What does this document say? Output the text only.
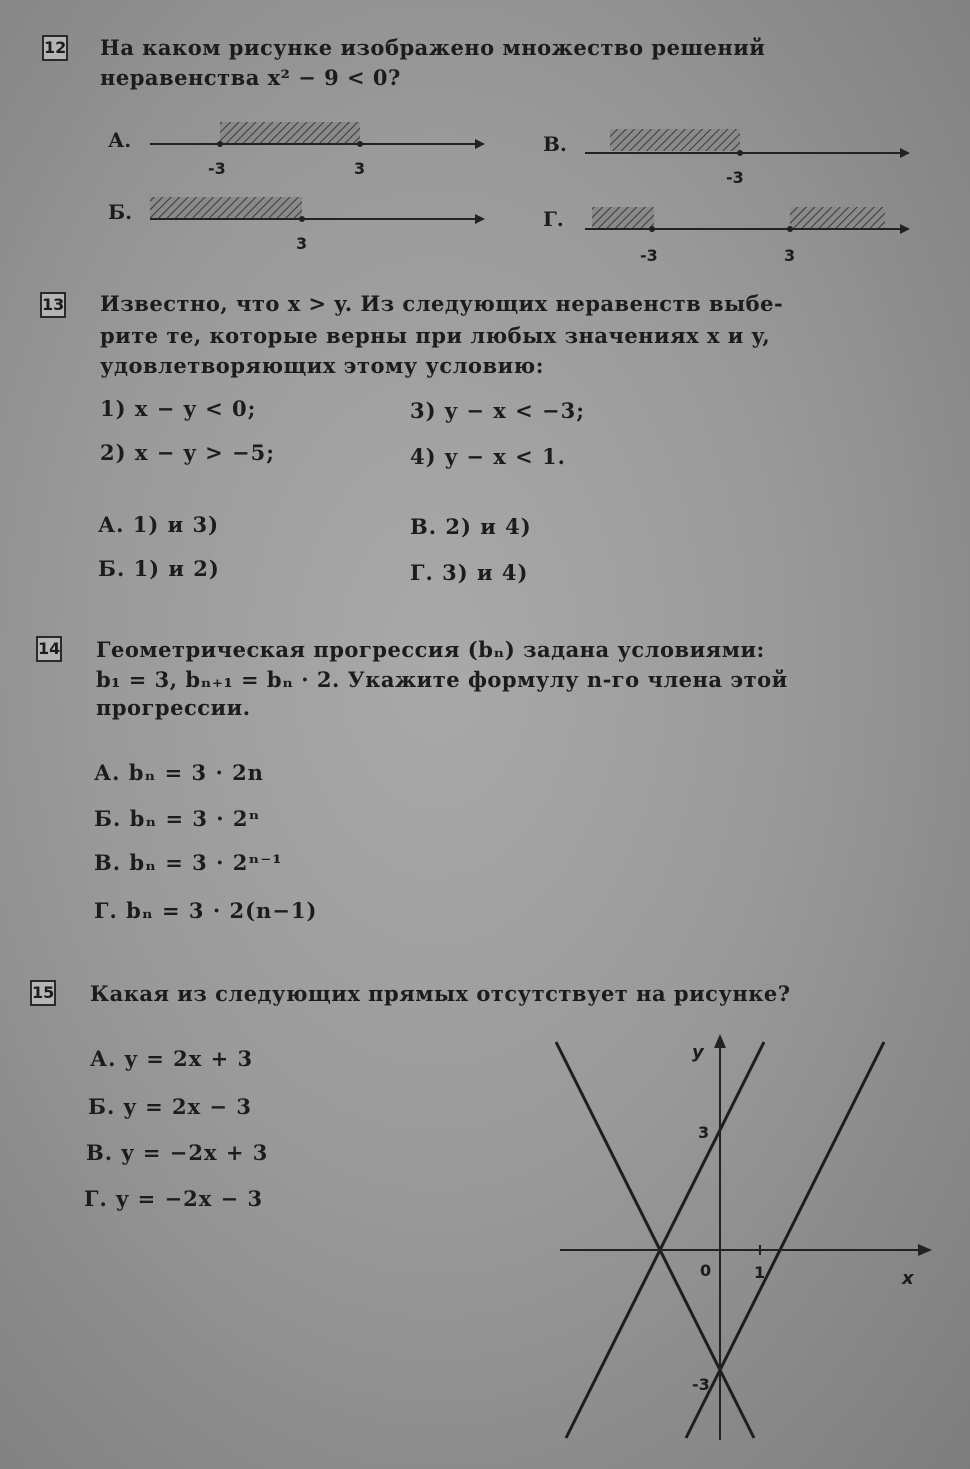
12 На каком рисунке изображено множество решений
неравенства x² − 9 < 0?
А.
-3	3
В.
-3
Б.
3
Г.
-3	3
13 Известно, что x > y. Из следующих неравенств выбе-
рите те, которые верны при любых значениях x и y,
удовлетворяющих этому условию:
1) x − y < 0;	3) y − x < −3;
2) x − y > −5;	4) y − x < 1.
А. 1) и 3)	В. 2) и 4)
Б. 1) и 2)	Г. 3) и 4)
14 Геометрическая прогрессия (bₙ) задана условиями:
b₁ = 3, bₙ₊₁ = bₙ · 2. Укажите формулу n-го члена этой
прогрессии.
А. bₙ = 3 · 2n
Б. bₙ = 3 · 2ⁿ
В. bₙ = 3 · 2ⁿ⁻¹
Г. bₙ = 3 · 2(n−1)
15 Какая из следующих прямых отсутствует на рисунке?
А. y = 2x + 3
Б. y = 2x − 3
В. y = −2x + 3
Г. y = −2x − 3
y
x
0	1
3
-3
